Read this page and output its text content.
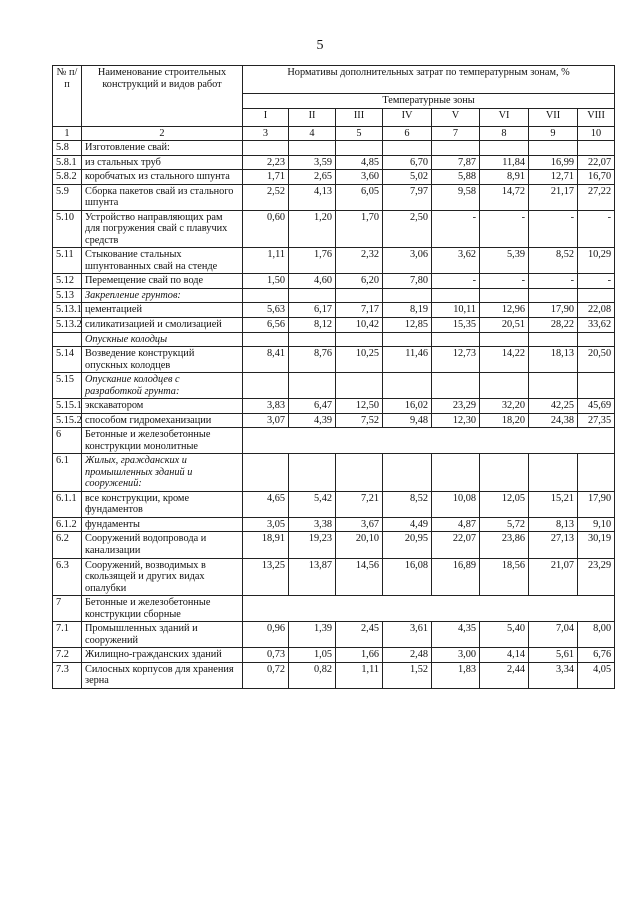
5
№ п/п	Наименование строительных конструкций и видов работ	Нормативы дополнительных затрат по температурным зонам, %							
		Температурные зоны							
		I	II	III	IV	V	VI	VII	VIII
1	2	3	4	5	6	7	8	9	10
5.8	Изготовление свай:								
5.8.1	из стальных труб	2,23	3,59	4,85	6,70	7,87	11,84	16,99	22,07
5.8.2	коробчатых из стального шпунта	1,71	2,65	3,60	5,02	5,88	8,91	12,71	16,70
5.9	Сборка пакетов свай из стального шпунта	2,52	4,13	6,05	7,97	9,58	14,72	21,17	27,22
5.10	Устройство направляющих рам для погружения свай с плавучих средств	0,60	1,20	1,70	2,50	-	-	-	-
5.11	Стыкование стальных шпунтованных свай на стенде	1,11	1,76	2,32	3,06	3,62	5,39	8,52	10,29
5.12	Перемещение свай по воде	1,50	4,60	6,20	7,80	-	-	-	-
5.13	Закрепление грунтов:								
5.13.1	цементацией	5,63	6,17	7,17	8,19	10,11	12,96	17,90	22,08
5.13.2	силикатизацией и смолизацией	6,56	8,12	10,42	12,85	15,35	20,51	28,22	33,62
	Опускные колодцы								
5.14	Возведение конструкций опускных колодцев	8,41	8,76	10,25	11,46	12,73	14,22	18,13	20,50
5.15	Опускание колодцев с разработкой грунта:								
5.15.1	экскаватором	3,83	6,47	12,50	16,02	23,29	32,20	42,25	45,69
5.15.2	способом гидромеханизации	3,07	4,39	7,52	9,48	12,30	18,20	24,38	27,35
6	Бетонные и железобетонные конструкции монолитные								
6.1	Жилых, гражданских и промышленных зданий и сооружений:								
6.1.1	все конструкции, кроме фундаментов	4,65	5,42	7,21	8,52	10,08	12,05	15,21	17,90
6.1.2	фундаменты	3,05	3,38	3,67	4,49	4,87	5,72	8,13	9,10
6.2	Сооружений водопровода и канализации	18,91	19,23	20,10	20,95	22,07	23,86	27,13	30,19
6.3	Сооружений, возводимых в скользящей и других видах опалубки	13,25	13,87	14,56	16,08	16,89	18,56	21,07	23,29
7	Бетонные и железобетонные конструкции сборные								
7.1	Промышленных зданий и сооружений	0,96	1,39	2,45	3,61	4,35	5,40	7,04	8,00
7.2	Жилищно-гражданских зданий	0,73	1,05	1,66	2,48	3,00	4,14	5,61	6,76
7.3	Силосных корпусов для хранения зерна	0,72	0,82	1,11	1,52	1,83	2,44	3,34	4,05
